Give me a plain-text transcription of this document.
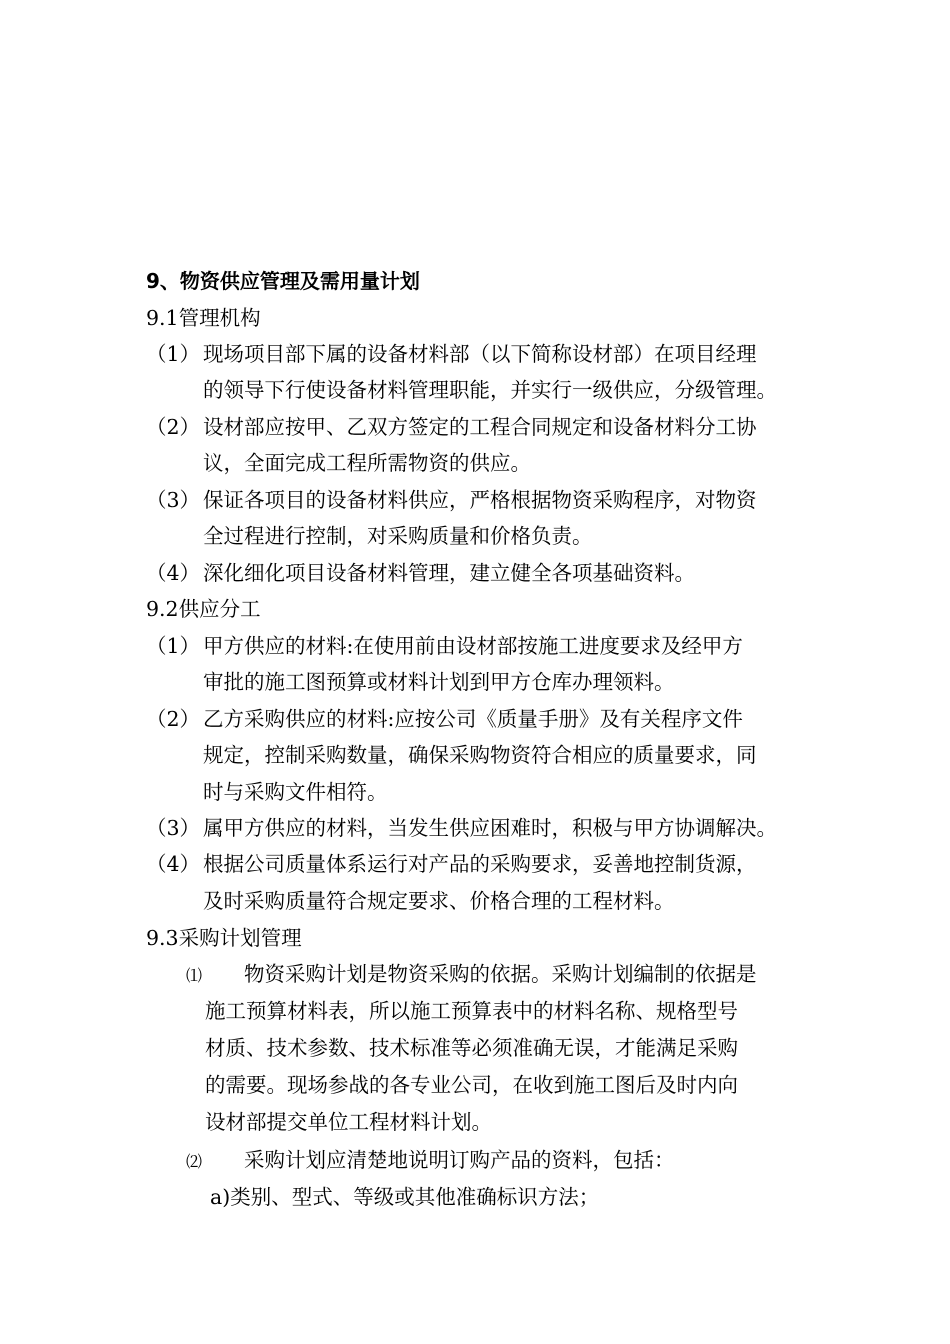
9、物资供应管理及需用量计划
9.1管理机构
（1） 现场项目部下属的设备材料部（以下简称设材部）在项目经理
的领导下行使设备材料管理职能，并实行一级供应，分级管理。
（2） 设材部应按甲、乙双方签定的工程合同规定和设备材料分工协
议，全面完成工程所需物资的供应。
（3） 保证各项目的设备材料供应，严格根据物资采购程序，对物资
全过程进行控制，对采购质量和价格负责。
（4） 深化细化项目设备材料管理，建立健全各项基础资料。
9.2供应分工
（1） 甲方供应的材料:在使用前由设材部按施工进度要求及经甲方
审批的施工图预算或材料计划到甲方仓库办理领料。
（2） 乙方采购供应的材料:应按公司《质量手册》及有关程序文件
规定，控制采购数量，确保采购物资符合相应的质量要求，同
时与采购文件相符。
（3） 属甲方供应的材料，当发生供应困难时，积极与甲方协调解决。
（4） 根据公司质量体系运行对产品的采购要求，妥善地控制货源，
及时采购质量符合规定要求、价格合理的工程材料。
9.3采购计划管理
⑴ 物资采购计划是物资采购的依据。采购计划编制的依据是
施工预算材料表，所以施工预算表中的材料名称、规格型号
材质、技术参数、技术标准等必须准确无误，才能满足采购
的需要。现场参战的各专业公司，在收到施工图后及时内向
设材部提交单位工程材料计划。
⑵ 采购计划应清楚地说明订购产品的资料，包括：
a)类别、型式、等级或其他准确标识方法；
